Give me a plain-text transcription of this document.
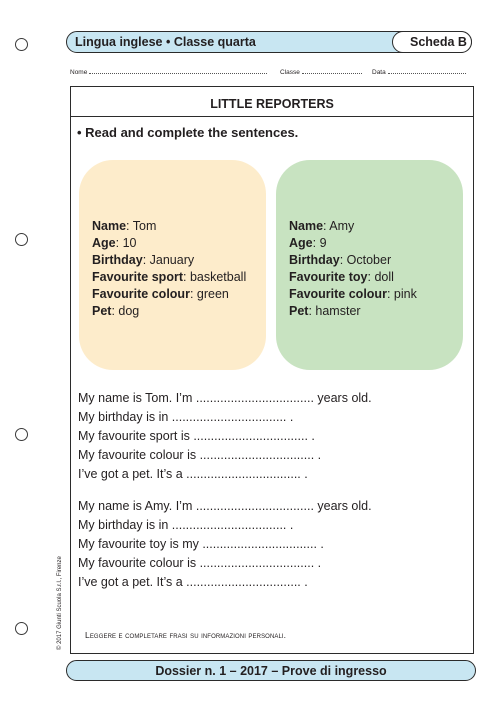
Lingua inglese • Classe quarta	Scheda B
Nome	Classe	Data
LITTLE REPORTERS
• Read and complete the sentences.
Name: Tom
Age: 10
Birthday: January
Favourite sport: basketball
Favourite colour: green
Pet: dog
Name: Amy
Age: 9
Birthday: October
Favourite toy: doll
Favourite colour: pink
Pet: hamster
My name is Tom. I’m .................................. years old.
My birthday is in ................................. .
My favourite sport is ................................. .
My favourite colour is ................................. .
I’ve got a pet. It’s a ................................. .
My name is Amy. I’m .................................. years old.
My birthday is in ................................. .
My favourite toy is my ................................. .
My favourite colour is ................................. .
I’ve got a pet. It’s a ................................. .
Leggere e completare frasi su informazioni personali.
© 2017 Giunti Scuola S.r.l., Firenze
Dossier n. 1 – 2017 – Prove di ingresso
